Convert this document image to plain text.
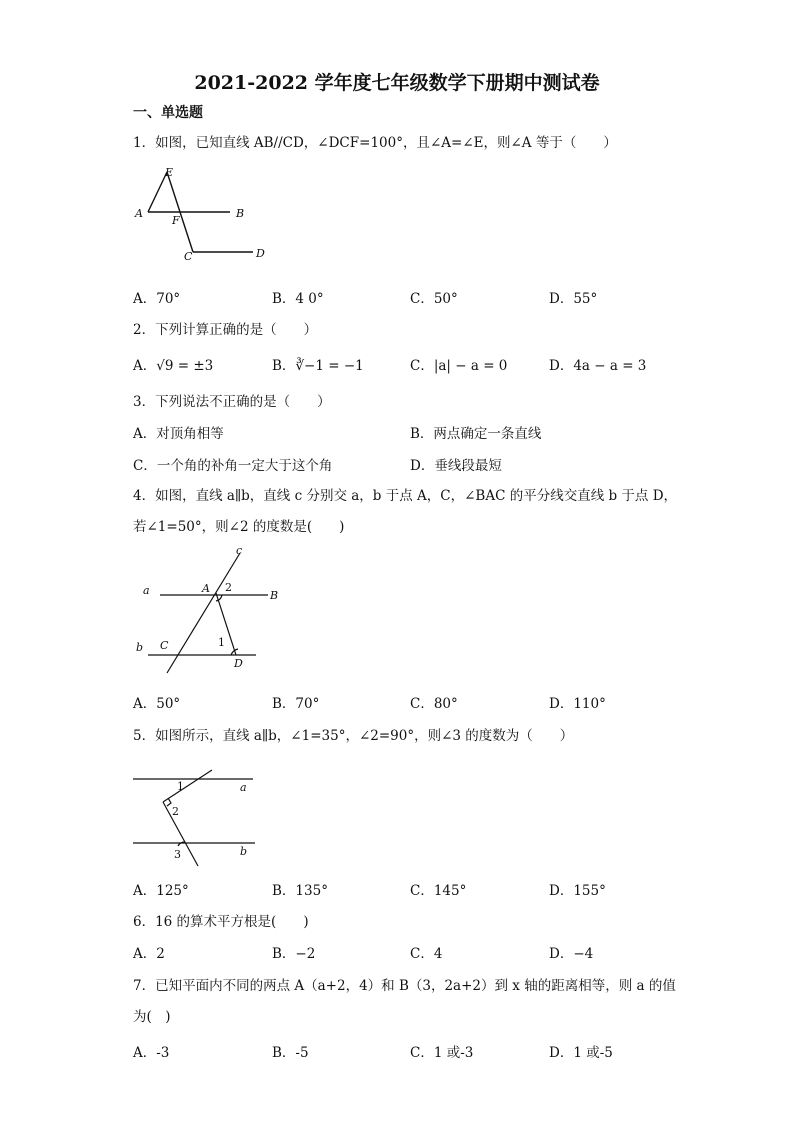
2021-2022 学年度七年级数学下册期中测试卷
一、单选题
1．如图，已知直线 AB//CD，∠DCF=100°，且∠A=∠E，则∠A 等于（　　）
E
A
F
B
C	D
A．70°	B．4 0°	C．50°	D．55°
2．下列计算正确的是（　　）
A．√9 = ±3	B．∛−1 = −1	C．|a| − a = 0	D．4a − a = 3
3．下列说法不正确的是（　　）
A．对顶角相等	B．两点确定一条直线
C．一个角的补角一定大于这个角	D．垂线段最短
4．如图，直线 a∥b，直线 c 分别交 a，b 于点 A，C，∠BAC 的平分线交直线 b 于点 D，
若∠1=50°，则∠2 的度数是(　　)
c
a	A 2
B
b C	1
D
A．50°	B．70°	C．80°	D．110°
5．如图所示，直线 a∥b，∠1=35°，∠2=90°，则∠3 的度数为（　　）
1	a
2
3	b
A．125°	B．135°	C．145°	D．155°
6．16 的算术平方根是(　　)
A．2	B．−2	C．4	D．−4
7．已知平面内不同的两点 A（a+2，4）和 B（3，2a+2）到 x 轴的距离相等，则 a 的值
为(　)
A．-3	B．-5	C．1 或-3	D．1 或-5
